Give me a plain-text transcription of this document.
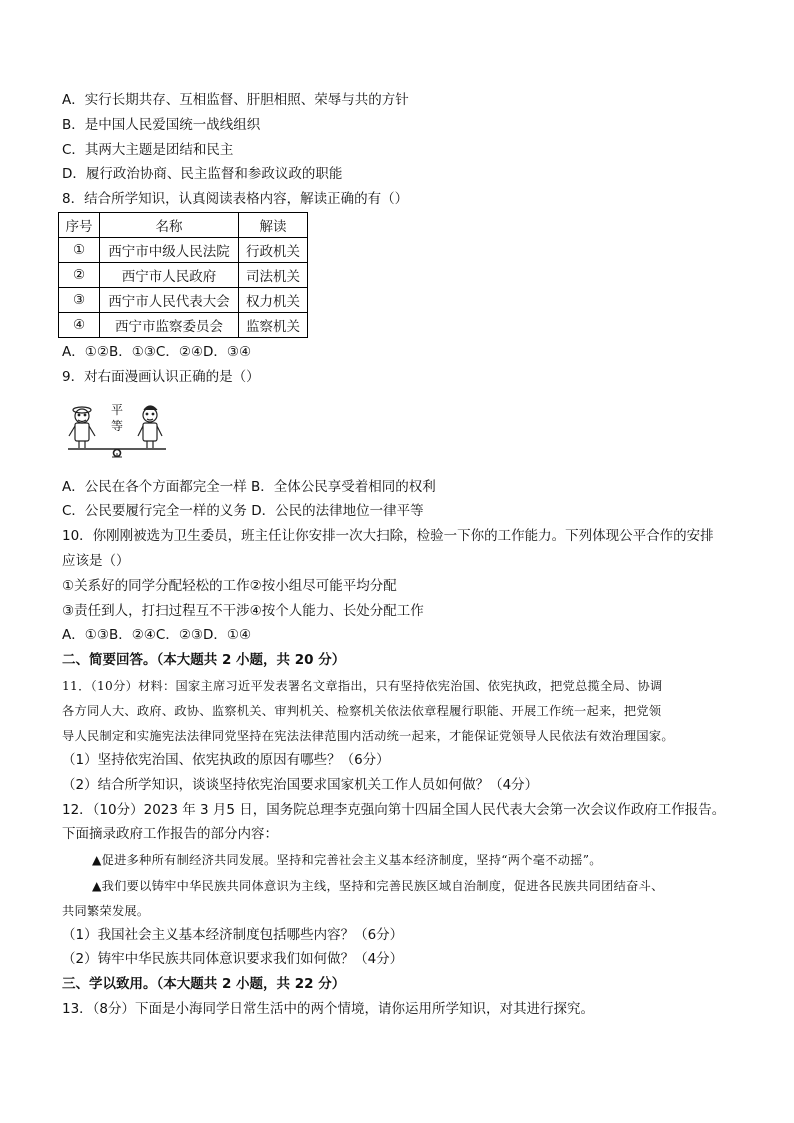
A．实行长期共存、互相监督、肝胆相照、荣辱与共的方针
B．是中国人民爱国统一战线组织
C．其两大主题是团结和民主
D．履行政治协商、民主监督和参政议政的职能
8．结合所学知识，认真阅读表格内容，解读正确的有（）
序号	名称	解读
①	西宁市中级人民法院	行政机关
②	西宁市人民政府	司法机关
③	西宁市人民代表大会	权力机关
④	西宁市监察委员会	监察机关
A．①②B．①③C．②④D．③④
9．对右面漫画认识正确的是（）
平
等
A．公民在各个方面都完全一样 B．全体公民享受着相同的权利
C．公民要履行完全一样的义务 D．公民的法律地位一律平等
10．你刚刚被选为卫生委员，班主任让你安排一次大扫除，检验一下你的工作能力。下列体现公平合作的安排
应该是（）
①关系好的同学分配轻松的工作②按小组尽可能平均分配
③责任到人，打扫过程互不干涉④按个人能力、长处分配工作
A．①③B．②④C．②③D．①④
二、简要回答。（本大题共 2 小题，共 20 分）
11．（10分）材料：国家主席习近平发表署名文章指出，只有坚持依宪治国、依宪执政，把党总揽全局、协调
各方同人大、政府、政协、监察机关、审判机关、检察机关依法依章程履行职能、开展工作统一起来，把党领
导人民制定和实施宪法法律同党坚持在宪法法律范围内活动统一起来，才能保证党领导人民依法有效治理国家。
（1）坚持依宪治国、依宪执政的原因有哪些？（6分）
（2）结合所学知识，谈谈坚持依宪治国要求国家机关工作人员如何做？（4分）
12．（10分）2023 年 3 月5 日，国务院总理李克强向第十四届全国人民代表大会第一次会议作政府工作报告。
下面摘录政府工作报告的部分内容：
▲促进多种所有制经济共同发展。坚持和完善社会主义基本经济制度，坚持“两个毫不动摇”。
▲我们要以铸牢中华民族共同体意识为主线，坚持和完善民族区域自治制度，促进各民族共同团结奋斗、
共同繁荣发展。
（1）我国社会主义基本经济制度包括哪些内容？（6分）
（2）铸牢中华民族共同体意识要求我们如何做？（4分）
三、学以致用。（本大题共 2 小题，共 22 分）
13．（8分）下面是小海同学日常生活中的两个情境，请你运用所学知识，对其进行探究。
